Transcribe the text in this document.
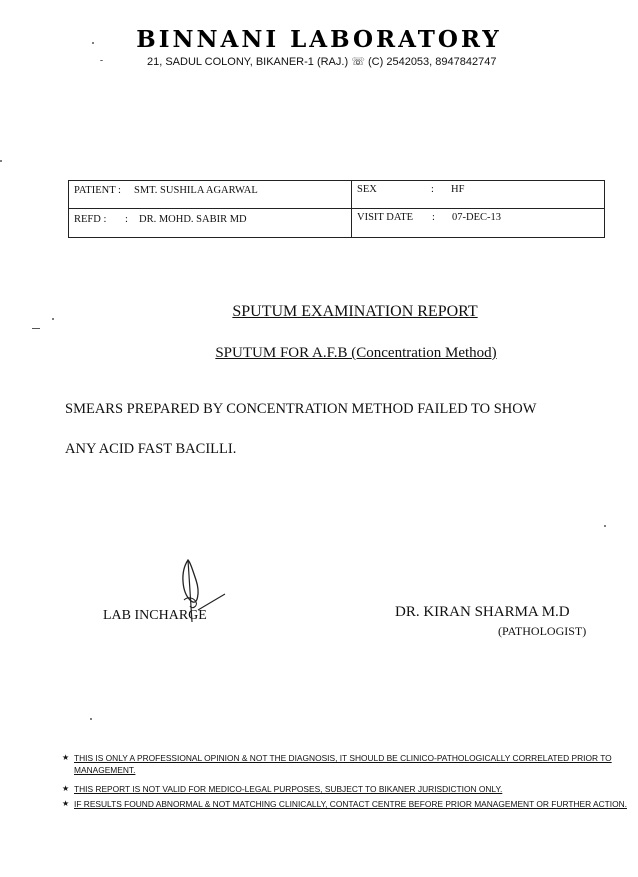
BINNANI LABORATORY
21, SADUL COLONY, BIKANER-1 (RAJ.) ☏ (C) 2542053, 8947842747
PATIENT : SMT. SUSHILA AGARWAL	SEX	: HF
REFD : : DR. MOHD. SABIR MD	VISIT DATE : 07-DEC-13
SPUTUM EXAMINATION REPORT
SPUTUM FOR A.F.B (Concentration Method)
SMEARS PREPARED BY CONCENTRATION METHOD FAILED TO SHOW
ANY ACID FAST BACILLI.
LAB INCHARGE	DR. KIRAN SHARMA M.D
(PATHOLOGIST)
★ THIS IS ONLY A PROFESSIONAL OPINION & NOT THE DIAGNOSIS, IT SHOULD BE CLINICO-PATHOLOGICALLY CORRELATED PRIOR TO MANAGEMENT.
★ THIS REPORT IS NOT VALID FOR MEDICO-LEGAL PURPOSES, SUBJECT TO BIKANER JURISDICTION ONLY.
★ IF RESULTS FOUND ABNORMAL & NOT MATCHING CLINICALLY, CONTACT CENTRE BEFORE PRIOR MANAGEMENT OR FURTHER ACTION.
